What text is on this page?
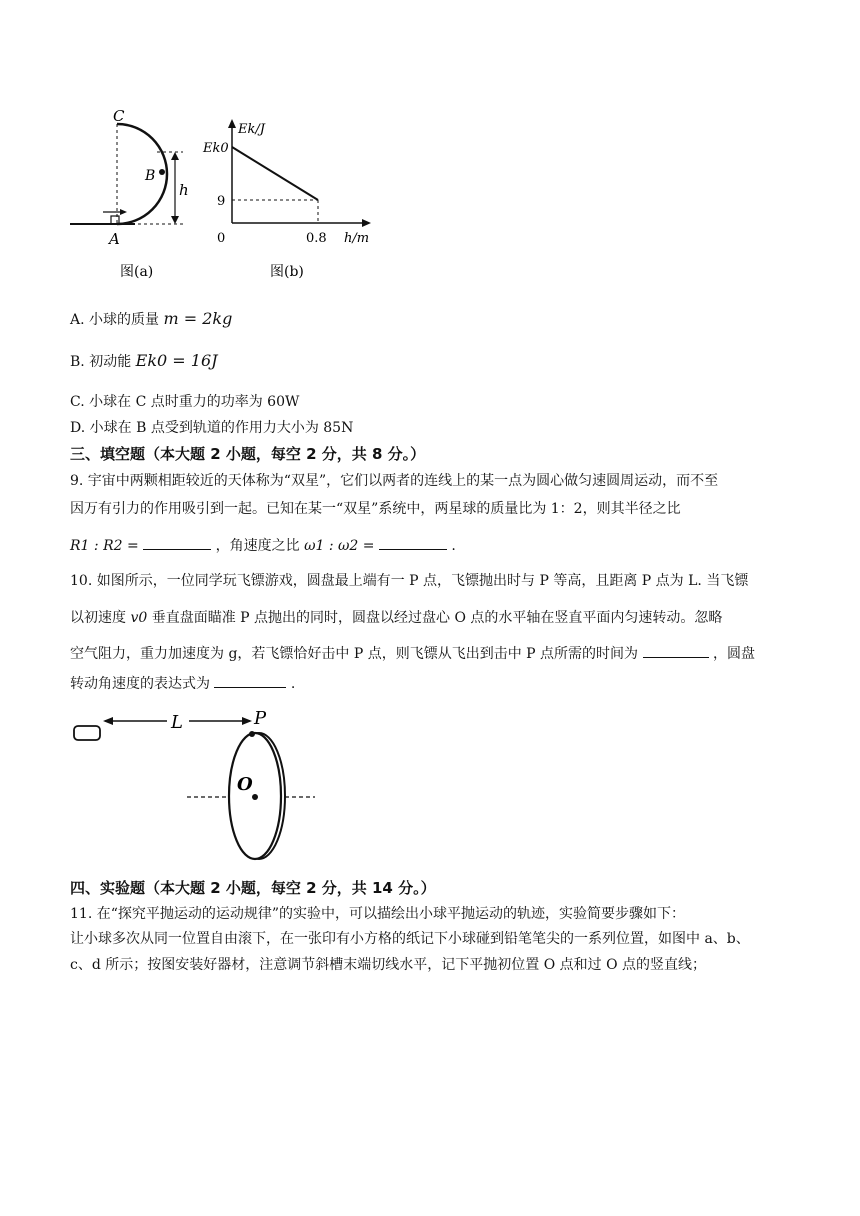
C
B
A
h
图(a)
Ek/J
Ek0
9
0	0.8 h/m
图(b)
A. 小球的质量 m = 2kg
B. 初动能 Ek0 = 16J
C. 小球在 C 点时重力的功率为 60W
D. 小球在 B 点受到轨道的作用力大小为 85N
三、填空题（本大题 2 小题，每空 2 分，共 8 分。）
9. 宇宙中两颗相距较近的天体称为“双星”，它们以两者的连线上的某一点为圆心做匀速圆周运动，而不至
因万有引力的作用吸引到一起。已知在某一“双星”系统中，两星球的质量比为 1：2，则其半径之比
R1 : R2 =	，角速度之比 ω1 : ω2 =	.
10. 如图所示，一位同学玩飞镖游戏，圆盘最上端有一 P 点，飞镖抛出时与 P 等高，且距离 P 点为 L. 当飞镖
以初速度 v0 垂直盘面瞄准 P 点抛出的同时，圆盘以经过盘心 O 点的水平轴在竖直平面内匀速转动。忽略
空气阻力，重力加速度为 g，若飞镖恰好击中 P 点，则飞镖从飞出到击中 P 点所需的时间为	，圆盘
转动角速度的表达式为	.
L	P
O
四、实验题（本大题 2 小题，每空 2 分，共 14 分。）
11. 在“探究平抛运动的运动规律”的实验中，可以描绘出小球平抛运动的轨迹，实验简要步骤如下：
让小球多次从同一位置自由滚下，在一张印有小方格的纸记下小球碰到铅笔笔尖的一系列位置，如图中 a、b、
c、d 所示；按图安装好器材，注意调节斜槽末端切线水平，记下平抛初位置 O 点和过 O 点的竖直线；
